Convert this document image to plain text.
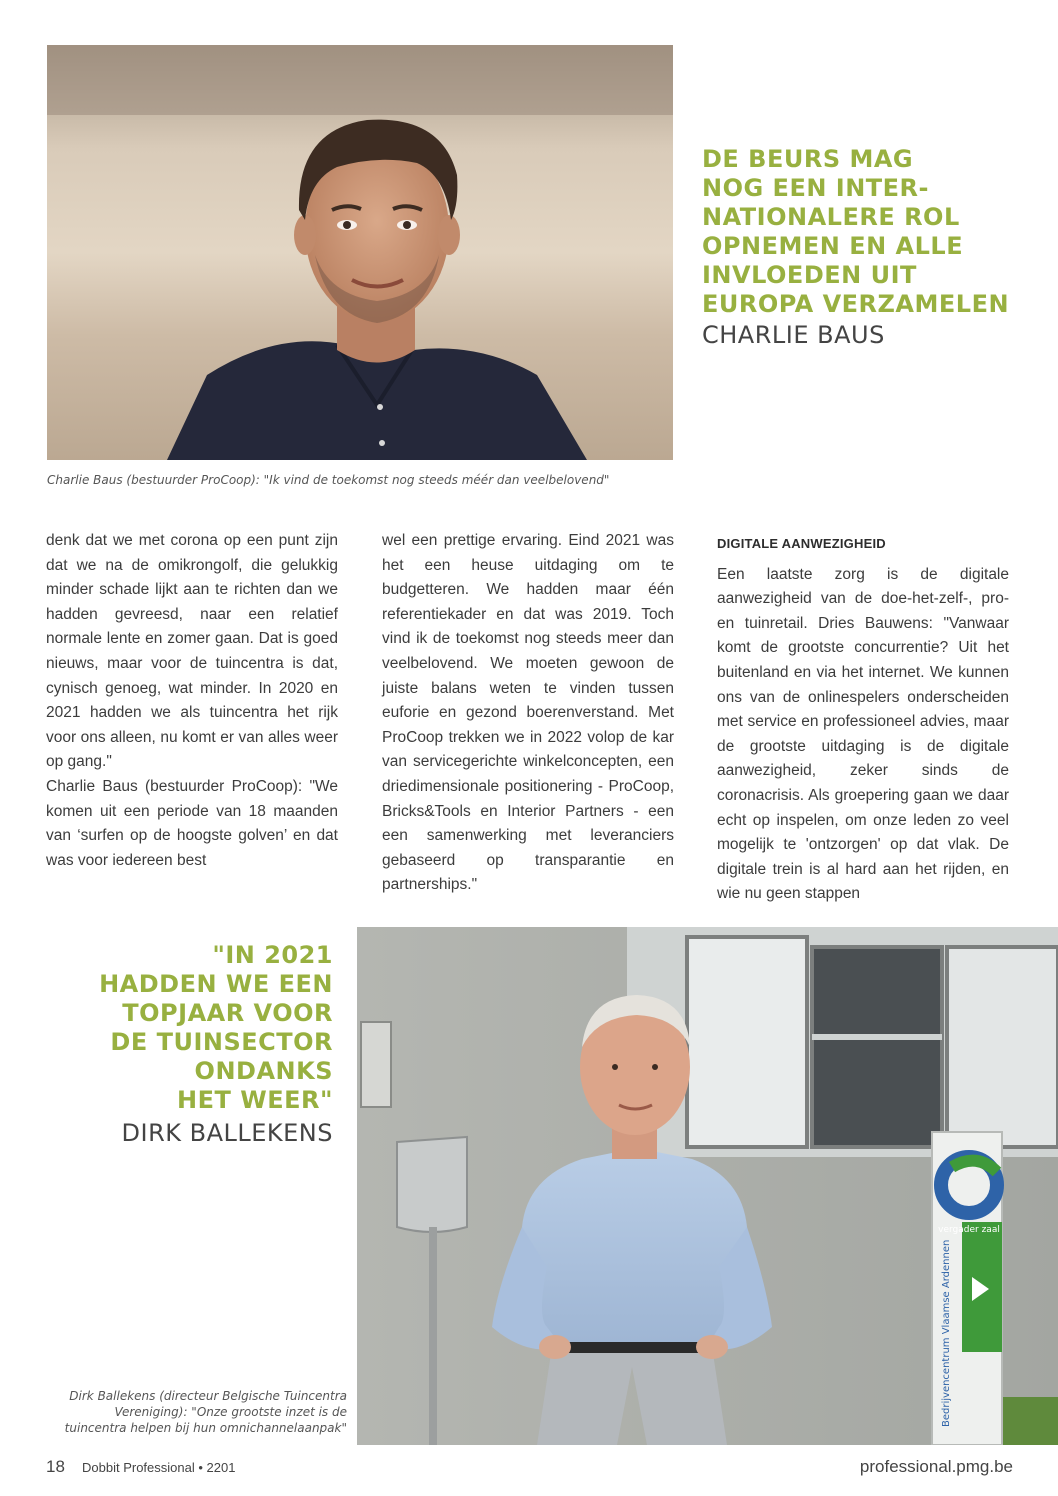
Charlie Baus (bestuurder ProCoop): "Ik vind de toekomst nog steeds méér dan veelbelovend"
DE BEURS MAG
NOG EEN INTER-
NATIONALERE ROL
OPNEMEN EN ALLE
INVLOEDEN UIT
EUROPA VERZAMELEN
CHARLIE BAUS

denk dat we met corona op een punt zijn dat we na de omikrongolf, die gelukkig minder schade lijkt aan te richten dan we hadden gevreesd, naar een relatief normale lente en zomer gaan. Dat is goed nieuws, maar voor de tuincentra is dat, cynisch genoeg, wat minder. In 2020 en 2021 hadden we als tuincentra het rijk voor ons alleen, nu komt er van alles weer op gang."

Charlie Baus (bestuurder ProCoop): "We komen uit een periode van 18 maanden van ‘surfen op de hoogste golven’ en dat was voor iedereen best

wel een prettige ervaring. Eind 2021 was het een heuse uitdaging om te budgetteren. We hadden maar één referentiekader en dat was 2019. Toch vind ik de toekomst nog steeds meer dan veelbelovend. We moeten gewoon de juiste balans weten te vinden tussen euforie en gezond boerenverstand. Met ProCoop trekken we in 2022 volop de kar van servicegerichte winkelconcepten, een driedimensionale positionering - ProCoop, Bricks&Tools en Interior Partners - een een samenwerking met leveranciers gebaseerd op transparantie en partnerships."

DIGITALE AANWEZIGHEID

Een laatste zorg is de digitale aanwezigheid van de doe-het-zelf-, pro- en tuinretail. Dries Bauwens: "Vanwaar komt de grootste concurrentie? Uit het buitenland en via het internet. We kunnen ons van de onlinespelers onderscheiden met service en professioneel advies, maar de grootste uitdaging is de digitale aanwezigheid, zeker sinds de coronacrisis. Als groepering gaan we daar echt op inspelen, om onze leden zo veel mogelijk te 'ontzorgen' op dat vlak. De digitale trein is al hard aan het rijden, en wie nu geen stappen

"IN 2021
HADDEN WE EEN
TOPJAAR VOOR
DE TUINSECTOR
ONDANKS
HET WEER"
DIRK BALLEKENS
Dirk Ballekens (directeur Belgische Tuincentra Vereniging): "Onze grootste inzet is de tuincentra helpen bij hun omnichannelaanpak"
vergader zaal
Bedrijvencentrum Vlaamse Ardennen
18 Dobbit Professional • 2201	professional.pmg.be
